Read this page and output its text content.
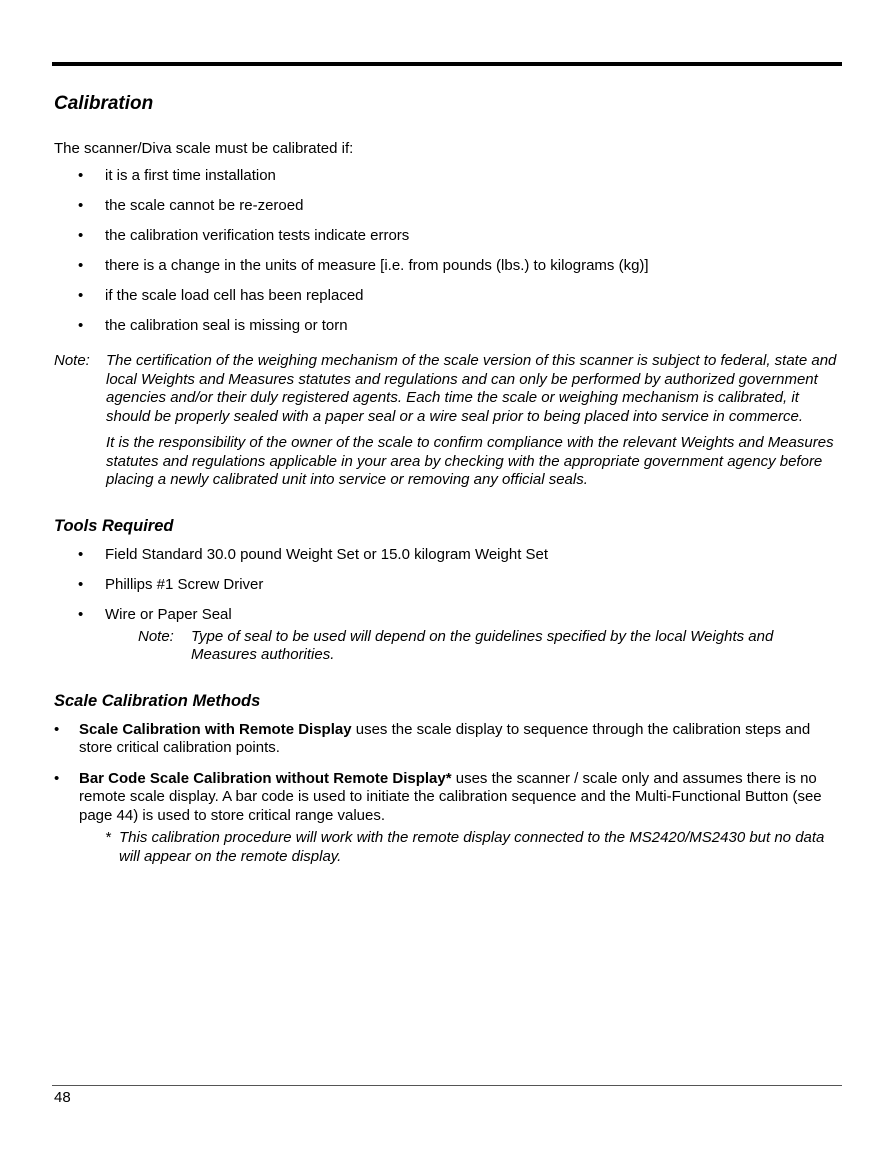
Calibration

The scanner/Diva scale must be calibrated if:

• it is a first time installation
• the scale cannot be re-zeroed
• the calibration verification tests indicate errors
• there is a change in the units of measure [i.e. from pounds (lbs.) to kilograms (kg)]
• if the scale load cell has been replaced
• the calibration seal is missing or torn
Note:	The certification of the weighing mechanism of the scale version of this scanner is subject to federal, state and local Weights and Measures statutes and regulations and can only be performed by authorized government agencies and/or their duly registered agents. Each time the scale or weighing mechanism is calibrated, it should be properly sealed with a paper seal or a wire seal prior to being placed into service in commerce.

It is the responsibility of the owner of the scale to confirm compliance with the relevant Weights and Measures statutes and regulations applicable in your area by checking with the appropriate government agency before placing a newly calibrated unit into service or removing any official seals.

Tools Required
• Field Standard 30.0 pound Weight Set or 15.0 kilogram Weight Set
• Phillips #1 Screw Driver
• Wire or Paper Seal
Note:	Type of seal to be used will depend on the guidelines specified by the local Weights and Measures authorities.
Scale Calibration Methods
• Scale Calibration with Remote Display uses the scale display to sequence through the calibration steps and store critical calibration points.
• Bar Code Scale Calibration without Remote Display* uses the scanner / scale only and assumes there is no remote scale display. A bar code is used to initiate the calibration sequence and the Multi-Functional Button (see page 44) is used to store critical range values.
* This calibration procedure will work with the remote display connected to the MS2420/MS2430 but no data will appear on the remote display.
48
